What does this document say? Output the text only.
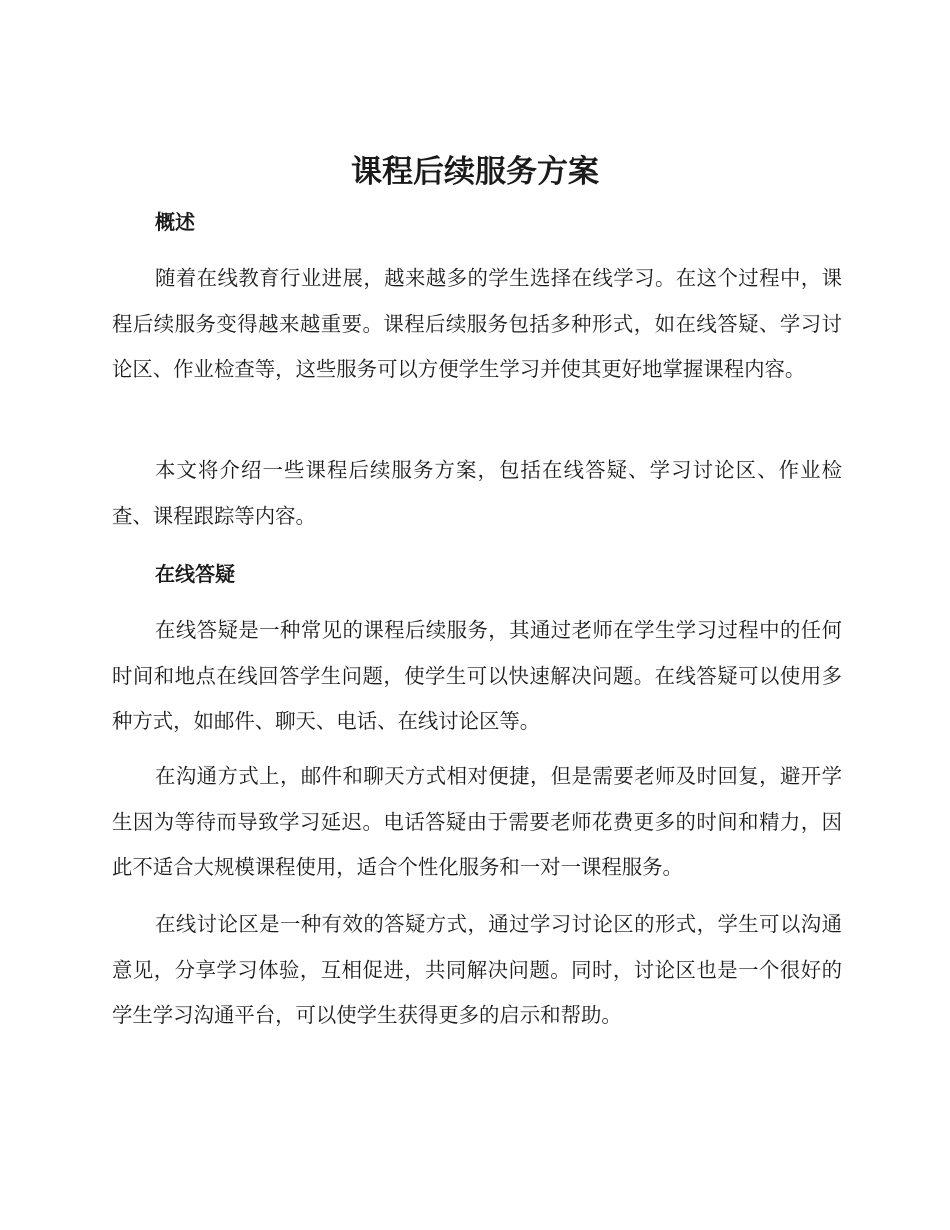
课程后续服务方案
概述

随着在线教育行业进展，越来越多的学生选择在线学习。在这个过程中，课程后续服务变得越来越重要。课程后续服务包括多种形式，如在线答疑、学习讨论区、作业检查等，这些服务可以方便学生学习并使其更好地掌握课程内容。

本文将介绍一些课程后续服务方案，包括在线答疑、学习讨论区、作业检查、课程跟踪等内容。

在线答疑

在线答疑是一种常见的课程后续服务，其通过老师在学生学习过程中的任何时间和地点在线回答学生问题，使学生可以快速解决问题。在线答疑可以使用多种方式，如邮件、聊天、电话、在线讨论区等。

在沟通方式上，邮件和聊天方式相对便捷，但是需要老师及时回复，避开学生因为等待而导致学习延迟。电话答疑由于需要老师花费更多的时间和精力，因此不适合大规模课程使用，适合个性化服务和一对一课程服务。

在线讨论区是一种有效的答疑方式，通过学习讨论区的形式，学生可以沟通意见，分享学习体验，互相促进，共同解决问题。同时，讨论区也是一个很好的学生学习沟通平台，可以使学生获得更多的启示和帮助。
